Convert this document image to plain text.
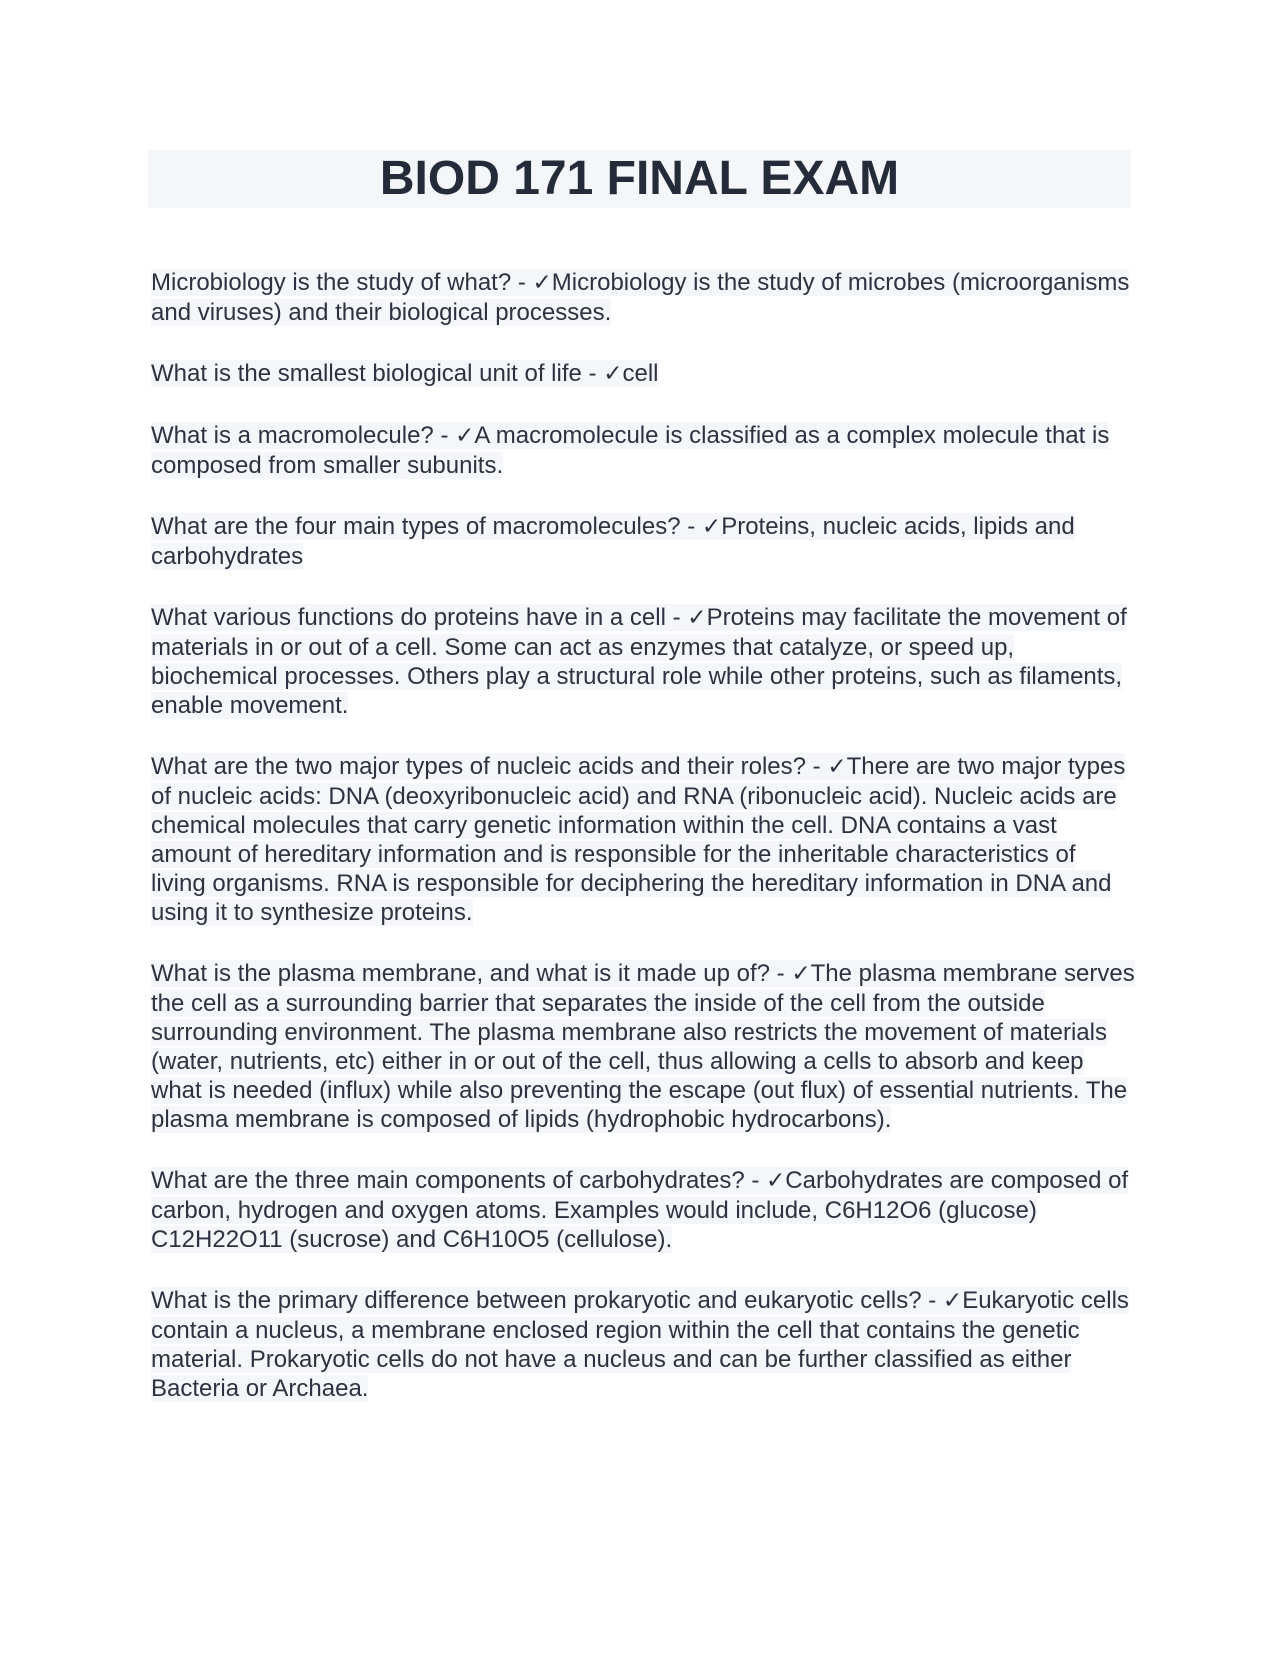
BIOD 171 FINAL EXAM

Microbiology is the study of what? - ✓Microbiology is the study of microbes (microorganisms and viruses) and their biological processes.

What is the smallest biological unit of life - ✓cell

What is a macromolecule? - ✓A macromolecule is classified as a complex molecule that is composed from smaller subunits.

What are the four main types of macromolecules? - ✓Proteins, nucleic acids, lipids and carbohydrates

What various functions do proteins have in a cell - ✓Proteins may facilitate the movement of materials in or out of a cell. Some can act as enzymes that catalyze, or speed up, biochemical processes. Others play a structural role while other proteins, such as filaments, enable movement.

What are the two major types of nucleic acids and their roles? - ✓There are two major types of nucleic acids: DNA (deoxyribonucleic acid) and RNA (ribonucleic acid). Nucleic acids are chemical molecules that carry genetic information within the cell. DNA contains a vast amount of hereditary information and is responsible for the inheritable characteristics of living organisms. RNA is responsible for deciphering the hereditary information in DNA and using it to synthesize proteins.

What is the plasma membrane, and what is it made up of? - ✓The plasma membrane serves the cell as a surrounding barrier that separates the inside of the cell from the outside surrounding environment. The plasma membrane also restricts the movement of materials (water, nutrients, etc) either in or out of the cell, thus allowing a cells to absorb and keep what is needed (influx) while also preventing the escape (out flux) of essential nutrients. The plasma membrane is composed of lipids (hydrophobic hydrocarbons).

What are the three main components of carbohydrates? - ✓Carbohydrates are composed of carbon, hydrogen and oxygen atoms. Examples would include, C6H12O6 (glucose) C12H22O11 (sucrose) and C6H10O5 (cellulose).

What is the primary difference between prokaryotic and eukaryotic cells? - ✓Eukaryotic cells contain a nucleus, a membrane enclosed region within the cell that contains the genetic material. Prokaryotic cells do not have a nucleus and can be further classified as either Bacteria or Archaea.
